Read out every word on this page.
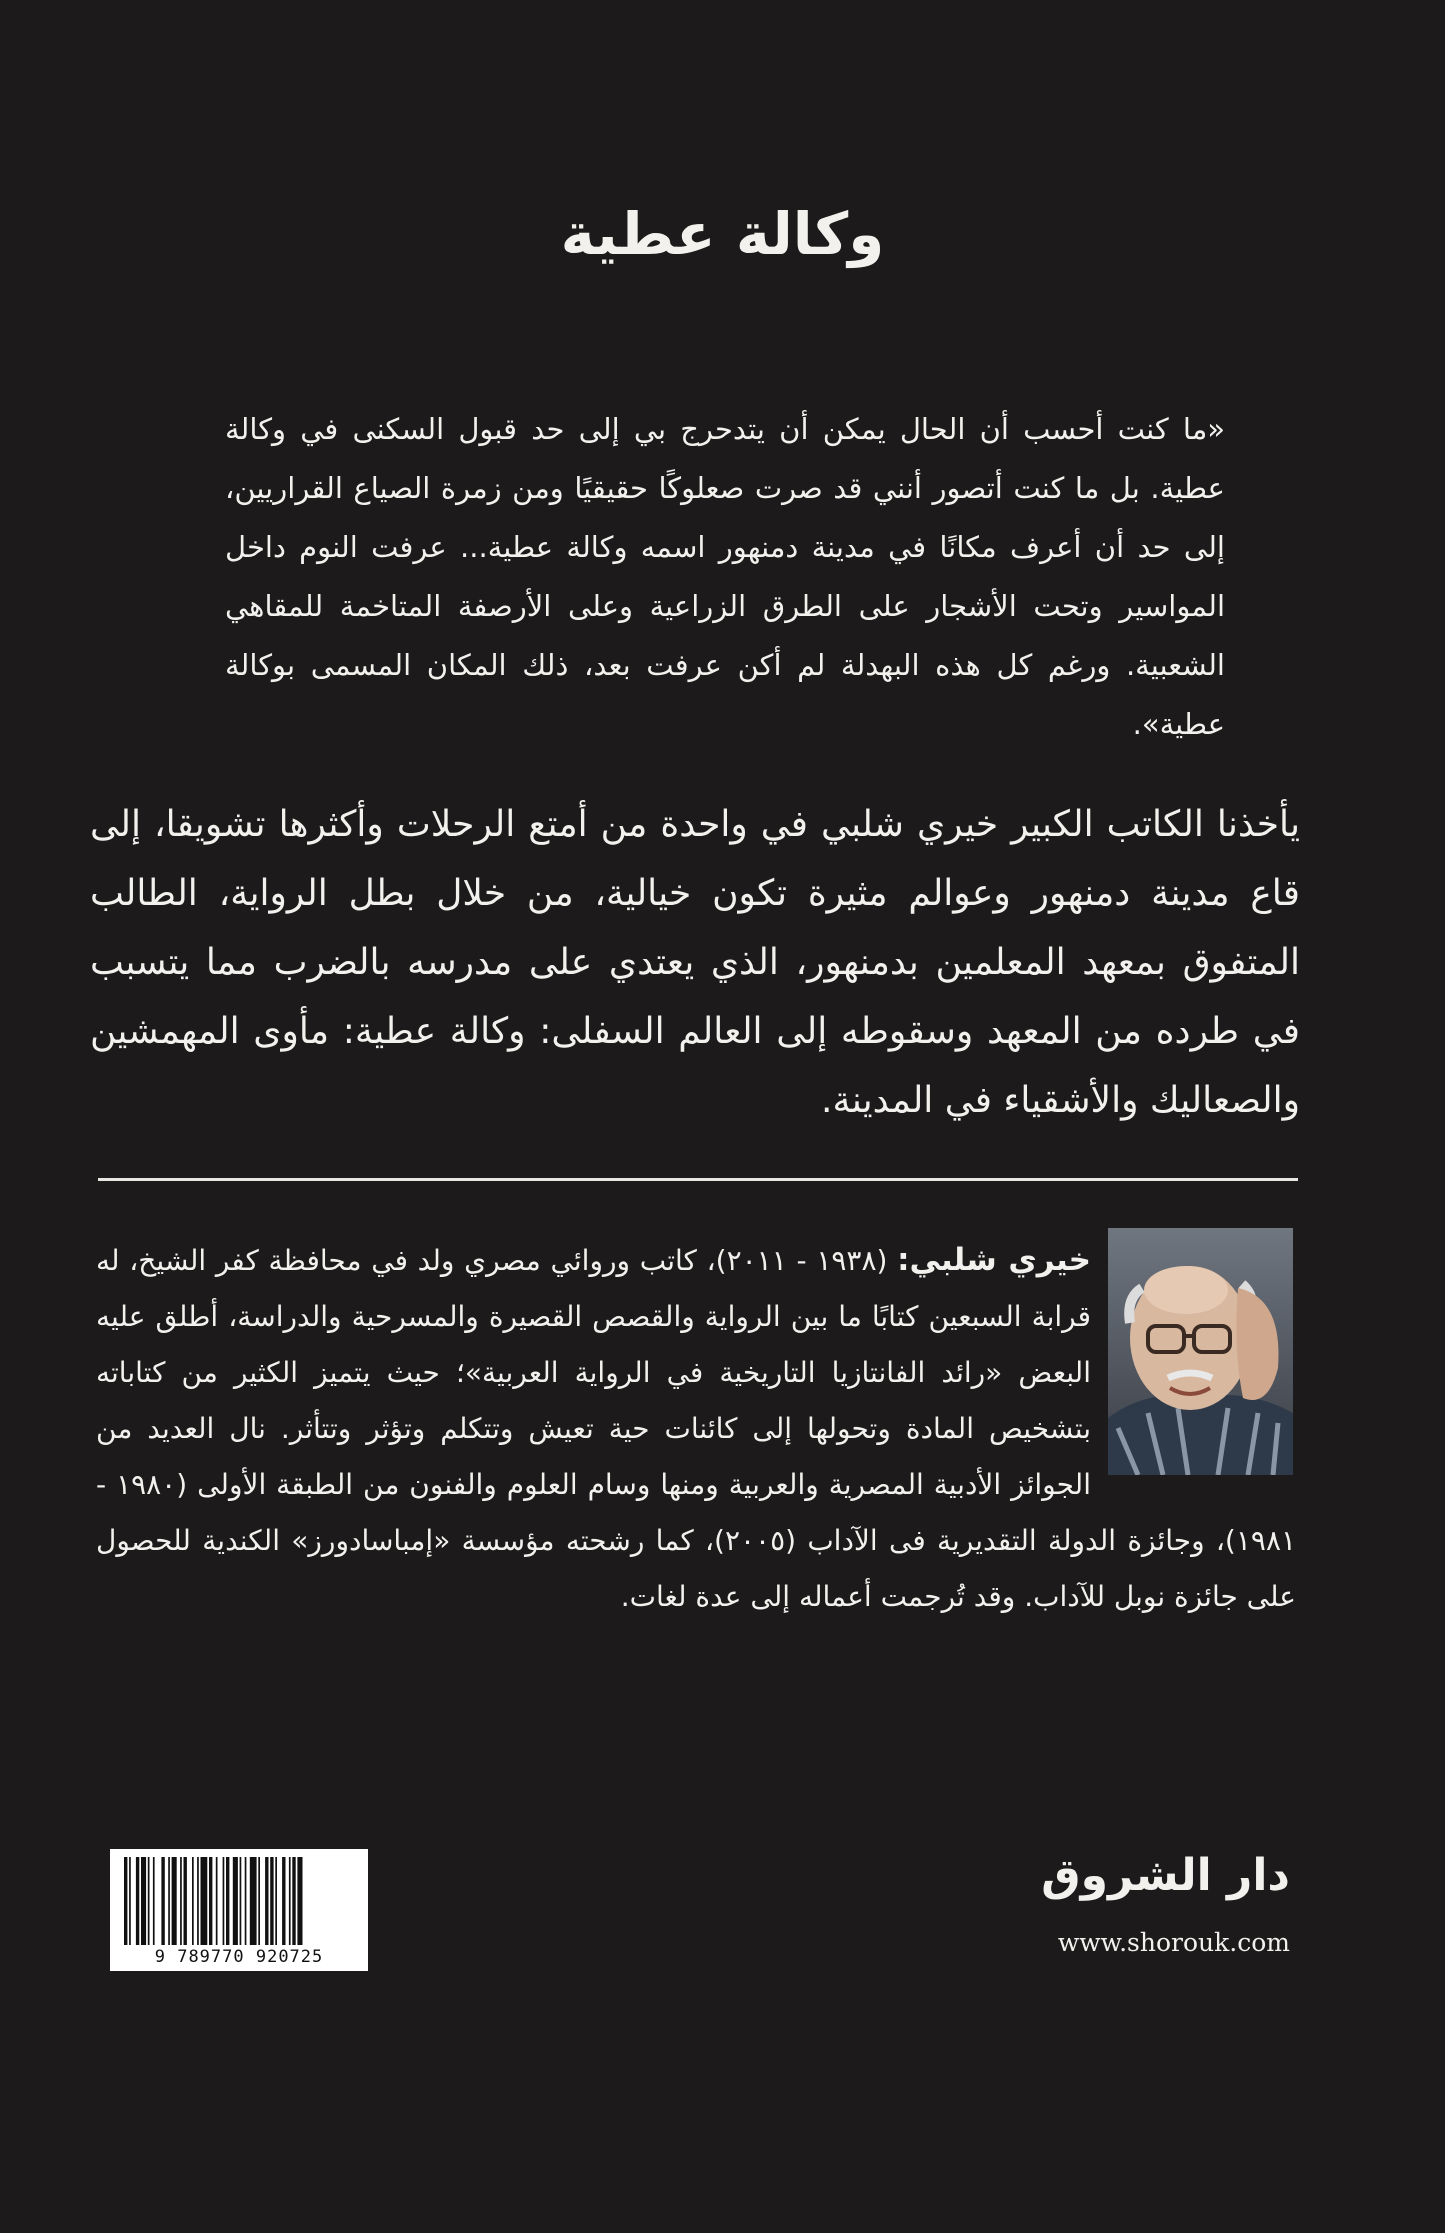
وكالة عطية

«ما كنت أحسب أن الحال يمكن أن يتدحرج بي إلى حد قبول السكنى في وكالة عطية. بل ما كنت أتصور أنني قد صرت صعلوكًا حقيقيًا ومن زمرة الصياع القراريين، إلى حد أن أعرف مكانًا في مدينة دمنهور اسمه وكالة عطية... عرفت النوم داخل المواسير وتحت الأشجار على الطرق الزراعية وعلى الأرصفة المتاخمة للمقاهي الشعبية. ورغم كل هذه البهدلة لم أكن عرفت بعد، ذلك المكان المسمى بوكالة عطية».

يأخذنا الكاتب الكبير خيري شلبي في واحدة من أمتع الرحلات وأكثرها تشويقا، إلى قاع مدينة دمنهور وعوالم مثيرة تكون خيالية، من خلال بطل الرواية، الطالب المتفوق بمعهد المعلمين بدمنهور، الذي يعتدي على مدرسه بالضرب مما يتسبب في طرده من المعهد وسقوطه إلى العالم السفلى: وكالة عطية: مأوى المهمشين والصعاليك والأشقياء في المدينة.

خيري شلبي: (١٩٣٨ - ٢٠١١)، كاتب وروائي مصري ولد في محافظة كفر الشيخ، له قرابة السبعين كتابًا ما بين الرواية والقصص القصيرة والمسرحية والدراسة، أطلق عليه البعض «رائد الفانتازيا التاريخية في الرواية العربية»؛ حيث يتميز الكثير من كتاباته بتشخيص المادة وتحولها إلى كائنات حية تعيش وتتكلم وتؤثر وتتأثر. نال العديد من الجوائز الأدبية المصرية والعربية ومنها وسام العلوم والفنون من الطبقة الأولى (١٩٨٠ - ١٩٨١)، وجائزة الدولة التقديرية فى الآداب (٢٠٠٥)، كما رشحته مؤسسة «إمباسادورز» الكندية للحصول على جائزة نوبل للآداب. وقد تُرجمت أعماله إلى عدة لغات.

9 789770 920725
دار الشروق
www.shorouk.com
